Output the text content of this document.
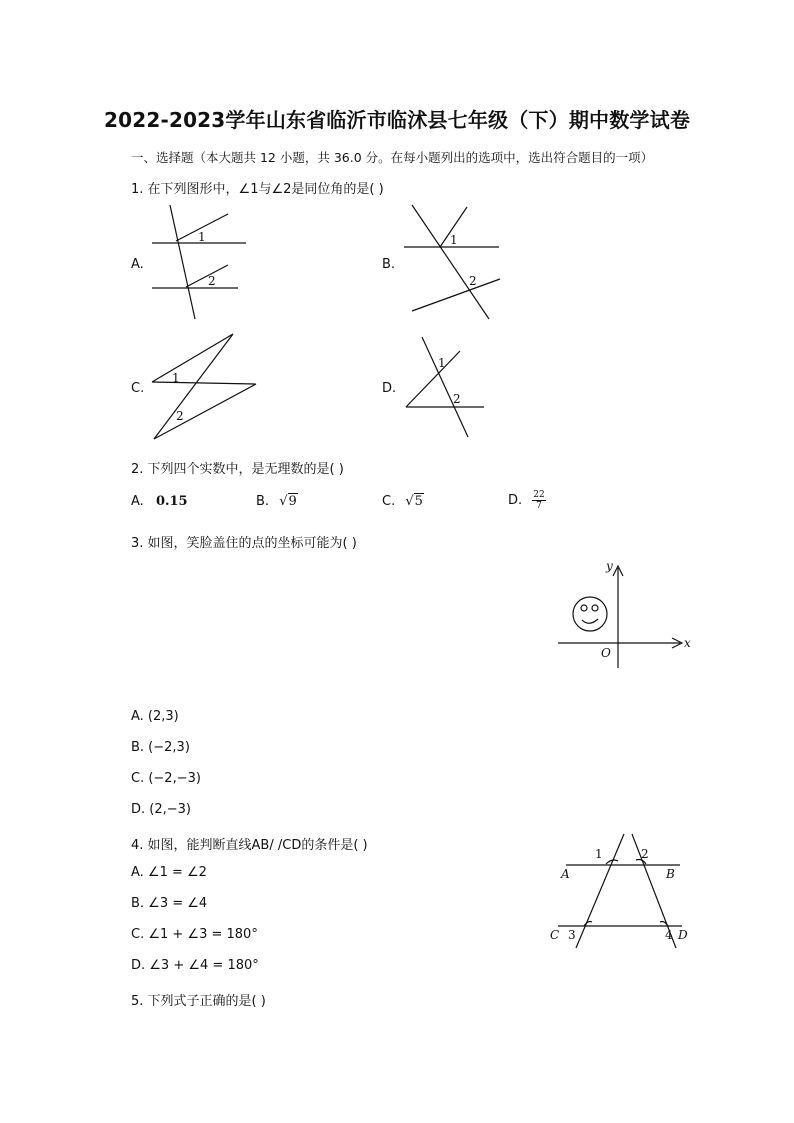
2022-2023学年山东省临沂市临沭县七年级（下）期中数学试卷
一、选择题（本大题共 12 小题，共 36.0 分。在每小题列出的选项中，选出符合题目的一项）
1. 在下列图形中，∠1与∠2是同位角的是( )
A.
1
2
B.
1
2
C.
1
2
D.
1
2
2. 下列四个实数中，是无理数的是( )
A. 0.15	B. √9	C. √5	D. $\frac{22}{7}$
3. 如图，笑脸盖住的点的坐标可能为( )
y
x
O
A. (2,3)
B. (−2,3)
C. (−2,−3)
D. (2,−3)
4. 如图，能判断直线AB/ /CD的条件是( )
1	2
3	4
A	B
C	D
A. ∠1 = ∠2
B. ∠3 = ∠4
C. ∠1 + ∠3 = 180°
D. ∠3 + ∠4 = 180°
5. 下列式子正确的是( )
